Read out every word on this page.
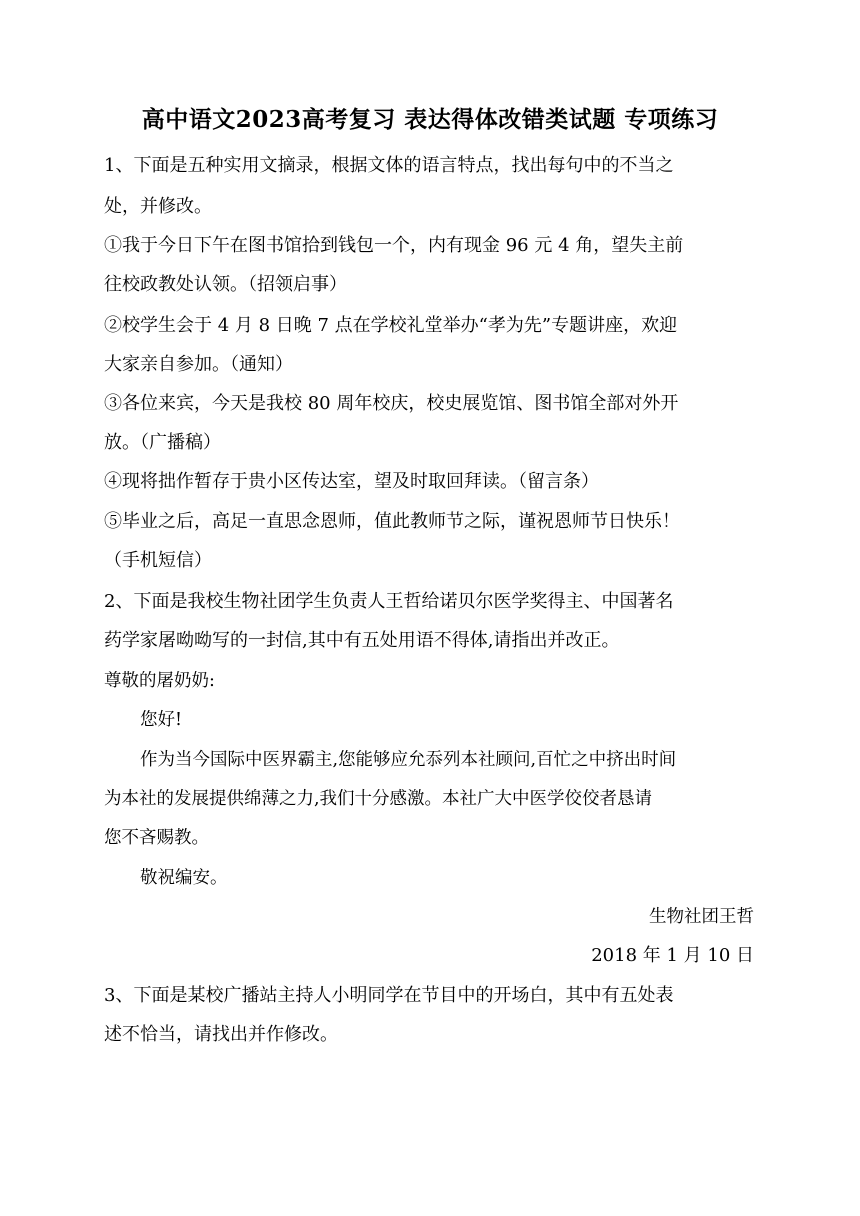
高中语文2023高考复习 表达得体改错类试题 专项练习
1、下面是五种实用文摘录，根据文体的语言特点，找出每句中的不当之
处，并修改。
①我于今日下午在图书馆拾到钱包一个，内有现金 96 元 4 角，望失主前
往校政教处认领。（招领启事）
②校学生会于 4 月 8 日晚 7 点在学校礼堂举办“孝为先”专题讲座，欢迎
大家亲自参加。（通知）
③各位来宾，今天是我校 80 周年校庆，校史展览馆、图书馆全部对外开
放。（广播稿）
④现将拙作暂存于贵小区传达室，望及时取回拜读。（留言条）
⑤毕业之后，高足一直思念恩师，值此教师节之际，谨祝恩师节日快乐！
（手机短信）
2、下面是我校生物社团学生负责人王哲给诺贝尔医学奖得主、中国著名
药学家屠呦呦写的一封信,其中有五处用语不得体,请指出并改正。
尊敬的屠奶奶:
您好!
作为当今国际中医界霸主,您能够应允忝列本社顾问,百忙之中挤出时间
为本社的发展提供绵薄之力,我们十分感激。本社广大中医学佼佼者恳请
您不吝赐教。
敬祝编安。
生物社团王哲
2018 年 1 月 10 日
3、下面是某校广播站主持人小明同学在节目中的开场白，其中有五处表
述不恰当，请找出并作修改。
